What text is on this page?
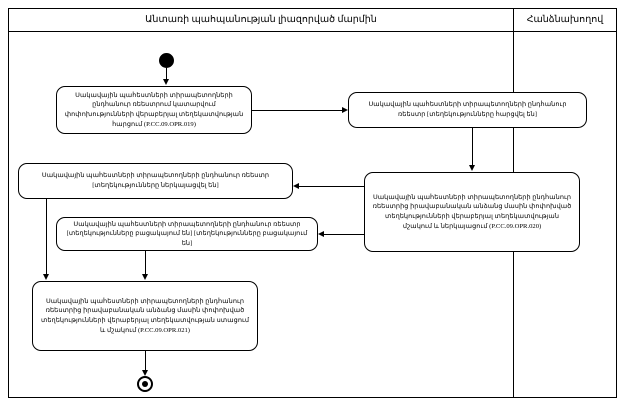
Անտառի պահպանության լիազորված մարմին	Հանձնախողով
Սակավային պահեստների տիրապետողների ընդհանուր ռեեստրում կատարվում փոփոխությունների վերաբերյալ տեղեկատվության հարցում (P.CC.09.OPR.019)
Սակավային պահեստների տիրապետողների ընդհանուր ռեեստր [տեղեկությունները հարցվել են]
Սակավային պահեստների տիրապետողների ընդհանուր ռեեստրից իրավաբանական անձանց մասին փոփոխված տեղեկությունների վերաբերյալ տեղեկատվության մշակում և ներկայացում (P.CC.09.OPR.020)
Սակավային պահեստների տիրապետողների ընդհանուր ռեեստր [տեղեկությունները ներկայացվել են]
Սակավային պահեստների տիրապետողների ընդհանուր ռեեստր [տեղեկությունները բացակայում են] [տեղեկությունները բացակայում են]
Սակավային պահեստների տիրապետողների ընդհանուր ռեեստրից իրավաբանական անձանց մասին փոփոխված տեղեկությունների վերաբերյալ տեղեկատվության ստացում և մշակում (P.CC.09.OPR.021)
